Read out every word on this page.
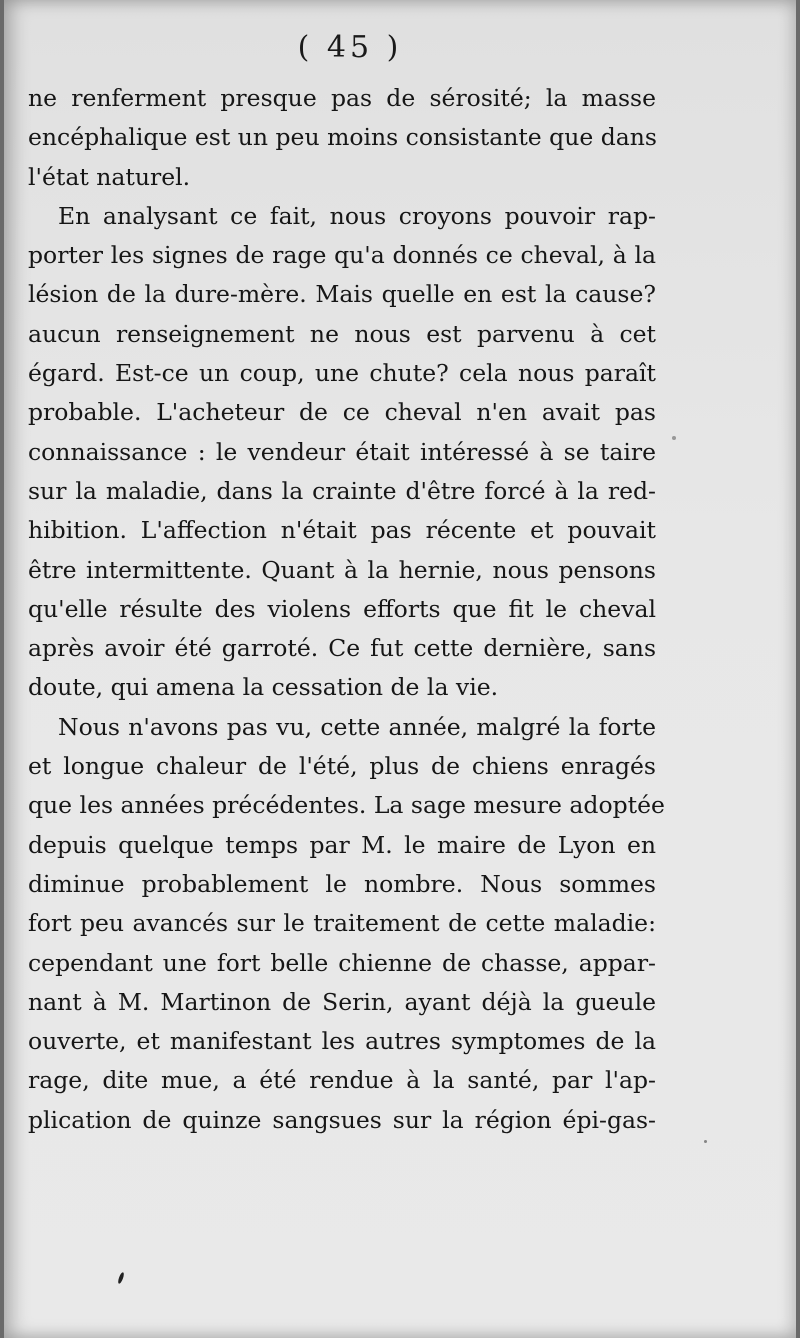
( 45 )
ne renferment presque pas de sérosité; la masse
encéphalique est un peu moins consistante que dans
l'état naturel.
En analysant ce fait, nous croyons pouvoir rap-
porter les signes de rage qu'a donnés ce cheval, à la
lésion de la dure-mère. Mais quelle en est la cause?
aucun renseignement ne nous est parvenu à cet
égard. Est-ce un coup, une chute? cela nous paraît
probable. L'acheteur de ce cheval n'en avait pas
connaissance : le vendeur était intéressé à se taire
sur la maladie, dans la crainte d'être forcé à la red-
hibition. L'affection n'était pas récente et pouvait
être intermittente. Quant à la hernie, nous pensons
qu'elle résulte des violens efforts que fit le cheval
après avoir été garroté. Ce fut cette dernière, sans
doute, qui amena la cessation de la vie.
Nous n'avons pas vu, cette année, malgré la forte
et longue chaleur de l'été, plus de chiens enragés
que les années précédentes. La sage mesure adoptée
depuis quelque temps par M. le maire de Lyon en
diminue probablement le nombre. Nous sommes
fort peu avancés sur le traitement de cette maladie:
cependant une fort belle chienne de chasse, appar-
nant à M. Martinon de Serin, ayant déjà la gueule
ouverte, et manifestant les autres symptomes de la
rage, dite mue, a été rendue à la santé, par l'ap-
plication de quinze sangsues sur la région épi-gas-
